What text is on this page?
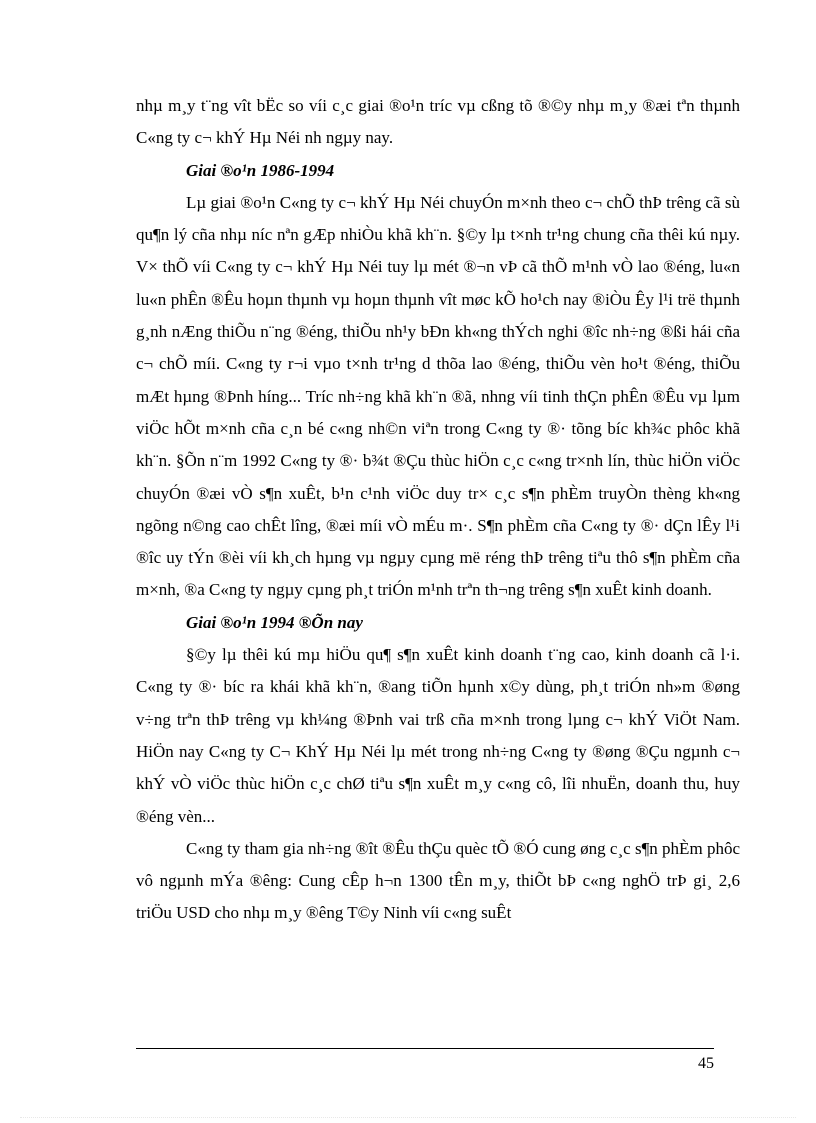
nhµ m¸y t¨ng vît bËc so víi c¸c giai ®o¹n tríc vµ cßng tõ ®©y nhµ m¸y ®æi tªn thµnh C«ng ty c¬ khÝ Hµ Néi nh ngµy nay.

Giai ®o¹n 1986-1994

Lµ giai ®o¹n C«ng ty c¬ khÝ Hµ Néi chuyÓn m×nh theo c¬ chÕ thÞ trêng cã sù qu¶n lý cña nhµ níc nªn gÆp nhiÒu khã kh¨n. §©y lµ t×nh tr¹ng chung cña thêi kú nµy. V× thÕ víi C«ng ty c¬ khÝ Hµ Néi tuy lµ mét ®¬n vÞ cã thÕ m¹nh vÒ lao ®éng, lu«n lu«n phÊn ®Êu hoµn thµnh vµ hoµn thµnh vît møc kÕ ho¹ch nay ®iÒu Êy l¹i trë thµnh g¸nh nÆng thiÕu n¨ng ®éng, thiÕu nh¹y bÐn kh«ng thÝch nghi ®îc nh÷ng ®ßi hái cña c¬ chÕ míi. C«ng ty r¬i vµo t×nh tr¹ng d thõa lao ®éng, thiÕu vèn ho¹t ®éng, thiÕu mÆt hµng ®Þnh híng... Tríc nh÷ng khã kh¨n ®ã, nhng víi tinh thÇn phÊn ®Êu vµ lµm viÖc hÕt m×nh cña c¸n bé c«ng nh©n viªn trong C«ng ty ®· tõng bíc kh¾c phôc khã kh¨n. §Õn n¨m 1992 C«ng ty ®· b¾t ®Çu thùc hiÖn c¸c c«ng tr×nh lín, thùc hiÖn viÖc chuyÓn ®æi vÒ s¶n xuÊt, b¹n c¹nh viÖc duy tr× c¸c s¶n phÈm truyÒn thèng kh«ng ngõng n©ng cao chÊt lîng, ®æi míi vÒ mÉu m·. S¶n phÈm cña C«ng ty ®· dÇn lÊy l¹i ®îc uy tÝn ®èi víi kh¸ch hµng vµ ngµy cµng më réng thÞ trêng tiªu thô s¶n phÈm cña m×nh, ®a C«ng ty ngµy cµng ph¸t triÓn m¹nh trªn th¬ng trêng s¶n xuÊt kinh doanh.

Giai ®o¹n 1994 ®Õn nay

§©y lµ thêi kú mµ hiÖu qu¶ s¶n xuÊt kinh doanh t¨ng cao, kinh doanh cã l·i. C«ng ty ®· bíc ra khái khã kh¨n, ®ang tiÕn hµnh x©y dùng, ph¸t triÓn nh»m ®øng v÷ng trªn thÞ trêng vµ kh¼ng ®Þnh vai trß cña m×nh trong lµng c¬ khÝ ViÖt Nam. HiÖn nay C«ng ty C¬ KhÝ Hµ Néi lµ mét trong nh÷ng C«ng ty ®øng ®Çu ngµnh c¬ khÝ vÒ viÖc thùc hiÖn c¸c chØ tiªu s¶n xuÊt m¸y c«ng cô, lîi nhuËn, doanh thu, huy ®éng vèn...

C«ng ty tham gia nh÷ng ®ît ®Êu thÇu quèc tÕ ®Ó cung øng c¸c s¶n phÈm phôc vô ngµnh mÝa ®êng: Cung cÊp h¬n 1300 tÊn m¸y, thiÕt bÞ c«ng nghÖ trÞ gi¸ 2,6 triÖu USD cho nhµ m¸y ®êng T©y Ninh víi c«ng suÊt

45
